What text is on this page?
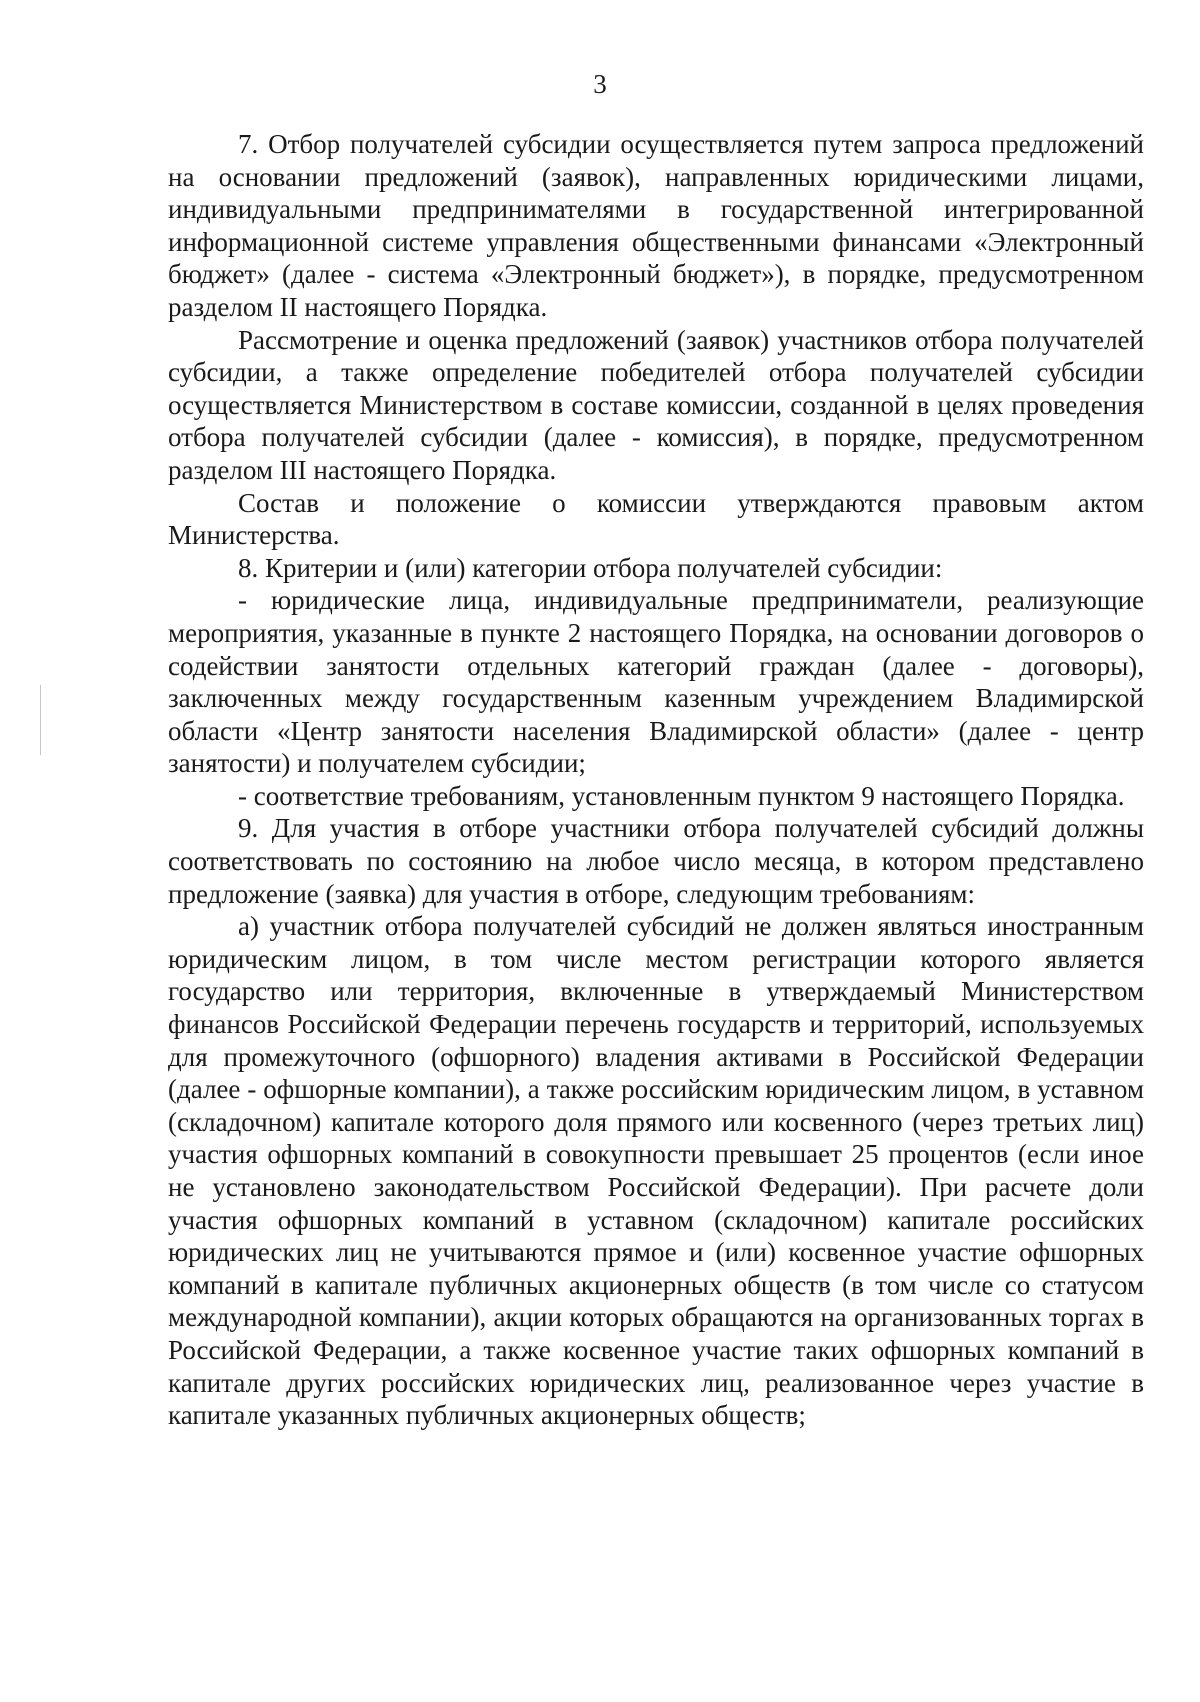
3

7. Отбор получателей субсидии осуществляется путем запроса предложений на основании предложений (заявок), направленных юридическими лицами, индивидуальными предпринимателями в государственной интегрированной информационной системе управления общественными финансами «Электронный бюджет» (далее - система «Электронный бюджет»), в порядке, предусмотренном разделом II настоящего Порядка.

Рассмотрение и оценка предложений (заявок) участников отбора получателей субсидии, а также определение победителей отбора получателей субсидии осуществляется Министерством в составе комиссии, созданной в целях проведения отбора получателей субсидии (далее - комиссия), в порядке, предусмотренном разделом III настоящего Порядка.

Состав и положение о комиссии утверждаются правовым актом Министерства.

8. Критерии и (или) категории отбора получателей субсидии:

- юридические лица, индивидуальные предприниматели, реализующие мероприятия, указанные в пункте 2 настоящего Порядка, на основании договоров о содействии занятости отдельных категорий граждан (далее - договоры), заключенных между государственным казенным учреждением Владимирской области «Центр занятости населения Владимирской области» (далее - центр занятости) и получателем субсидии;

- соответствие требованиям, установленным пунктом 9 настоящего Порядка.

9. Для участия в отборе участники отбора получателей субсидий должны соответствовать по состоянию на любое число месяца, в котором представлено предложение (заявка) для участия в отборе, следующим требованиям:

а) участник отбора получателей субсидий не должен являться иностранным юридическим лицом, в том числе местом регистрации которого является государство или территория, включенные в утверждаемый Министерством финансов Российской Федерации перечень государств и территорий, используемых для промежуточного (офшорного) владения активами в Российской Федерации (далее - офшорные компании), а также российским юридическим лицом, в уставном (складочном) капитале которого доля прямого или косвенного (через третьих лиц) участия офшорных компаний в совокупности превышает 25 процентов (если иное не установлено законодательством Российской Федерации). При расчете доли участия офшорных компаний в уставном (складочном) капитале российских юридических лиц не учитываются прямое и (или) косвенное участие офшорных компаний в капитале публичных акционерных обществ (в том числе со статусом международной компании), акции которых обращаются на организованных торгах в Российской Федерации, а также косвенное участие таких офшорных компаний в капитале других российских юридических лиц, реализованное через участие в капитале указанных публичных акционерных обществ;
